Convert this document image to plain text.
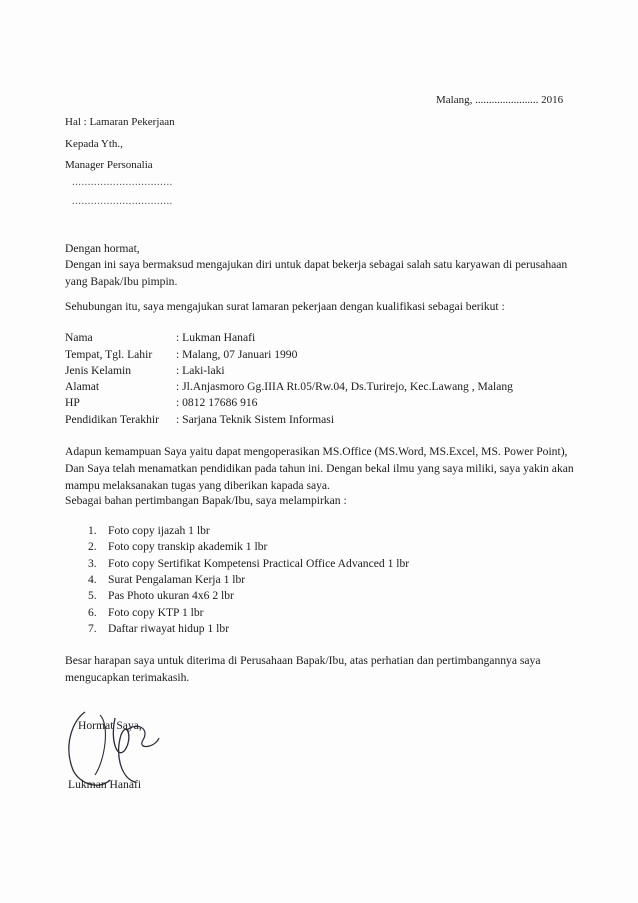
Malang, ....................... 2016
Hal : Lamaran Pekerjaan
Kepada Yth.,
Manager Personalia
................................
................................
Dengan hormat,
Dengan ini saya bermaksud mengajukan diri untuk dapat bekerja sebagai salah satu karyawan di perusahaan yang Bapak/Ibu pimpin.
Sehubungan itu, saya mengajukan surat lamaran pekerjaan dengan kualifikasi sebagai berikut :
Nama	: Lukman Hanafi
Tempat, Tgl. Lahir : Malang, 07 Januari 1990
Jenis Kelamin	: Laki-laki
Alamat	: Jl.Anjasmoro Gg.IIIA Rt.05/Rw.04, Ds.Turirejo, Kec.Lawang , Malang
HP	: 0812 17686 916
Pendidikan Terakhir : Sarjana Teknik Sistem Informasi
Adapun kemampuan Saya yaitu dapat mengoperasikan MS.Office (MS.Word, MS.Excel, MS. Power Point), Dan Saya telah menamatkan pendidikan pada tahun ini. Dengan bekal ilmu yang saya miliki, saya yakin akan mampu melaksanakan tugas yang diberikan kapada saya.
Sebagai bahan pertimbangan Bapak/Ibu, saya melampirkan :
1. Foto copy ijazah 1 lbr
2. Foto copy transkip akademik 1 lbr
3. Foto copy Sertifikat Kompetensi Practical Office Advanced 1 lbr
4. Surat Pengalaman Kerja 1 lbr
5. Pas Photo ukuran 4x6 2 lbr
6. Foto copy KTP 1 lbr
7. Daftar riwayat hidup 1 lbr
Besar harapan saya untuk diterima di Perusahaan Bapak/Ibu, atas perhatian dan pertimbangannya saya mengucapkan terimakasih.
Hormat Saya,
Lukman Hanafi
